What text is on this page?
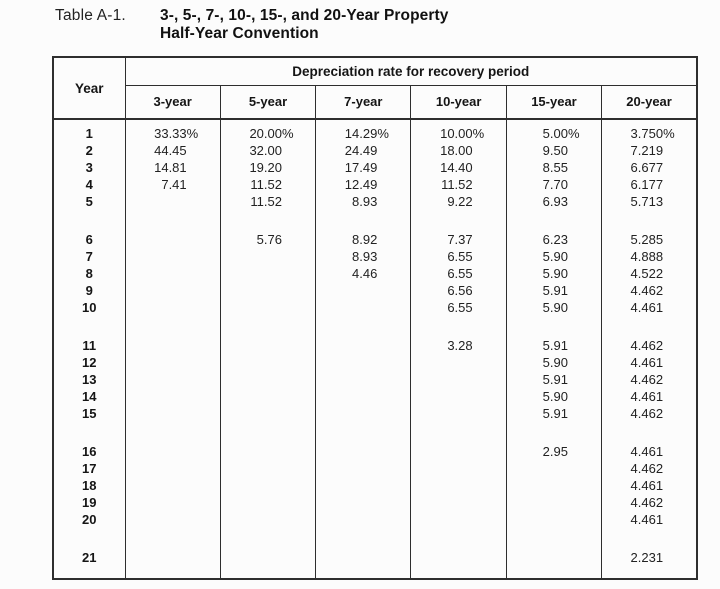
Table A-1. 3-, 5-, 7-, 10-, 15-, and 20-Year Property
Half-Year Convention
Year	Depreciation rate for recovery period					
	3-year	5-year	7-year	10-year	15-year	20-year
1	33.33 %	20.00 %	14.29 %	10.00 %	5.00 %	3.750 %

2	44.45	32.00	24.49	18.00	9.50	7.219

3	14.81	19.20	17.49	14.40	8.55	6.677

4	7.41	11.52	12.49	11.52	7.70	6.177

5		11.52	8.93	9.22	6.93	5.713

6		5.76	8.92	7.37	6.23	5.285

7			8.93	6.55	5.90	4.888

8			4.46	6.55	5.90	4.522

9				6.56	5.91	4.462

10				6.55	5.90	4.461

11				3.28	5.91	4.462

12					5.90	4.461

13					5.91	4.462

14					5.90	4.461

15					5.91	4.462

16					2.95	4.461

17						4.462

18						4.461

19						4.462

20						4.461

21						2.231
